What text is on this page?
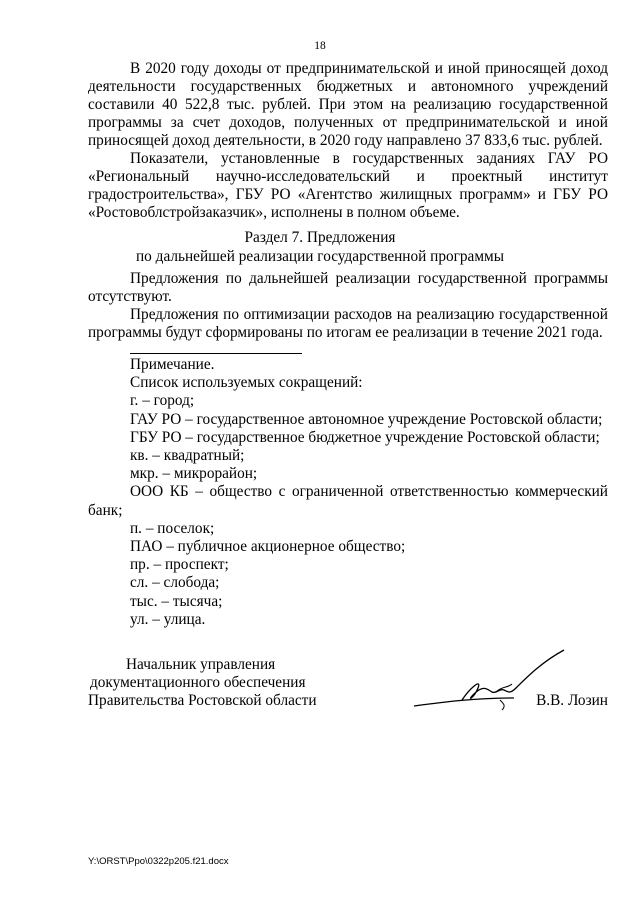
18

В 2020 году доходы от предпринимательской и иной приносящей доход деятельности государственных бюджетных и автономного учреждений составили 40 522,8 тыс. рублей. При этом на реализацию государственной программы за счет доходов, полученных от предпринимательской и иной приносящей доход деятельности, в 2020 году направлено 37 833,6 тыс. рублей.

Показатели, установленные в государственных заданиях ГАУ РО «Региональный научно-исследовательский и проектный институт градостроительства», ГБУ РО «Агентство жилищных программ» и ГБУ РО «Ростовоблстройзаказчик», исполнены в полном объеме.

Раздел 7. Предложения
по дальнейшей реализации государственной программы

Предложения по дальнейшей реализации государственной программы отсутствуют.

Предложения по оптимизации расходов на реализацию государственной программы будут сформированы по итогам ее реализации в течение 2021 года.

Примечание.

Список используемых сокращений:

г. – город;

ГАУ РО – государственное автономное учреждение Ростовской области;

ГБУ РО – государственное бюджетное учреждение Ростовской области;

кв. – квадратный;

мкр. – микрорайон;

ООО КБ – общество с ограниченной ответственностью коммерческий банк;

п. – поселок;

ПАО – публичное акционерное общество;

пр. – проспект;

сл. – слобода;

тыс. – тысяча;

ул. – улица.

Начальник управления
документационного обеспечения
Правительства Ростовской области	В.В. Лозин
Y:\ORST\Ppo\0322p205.f21.docx
